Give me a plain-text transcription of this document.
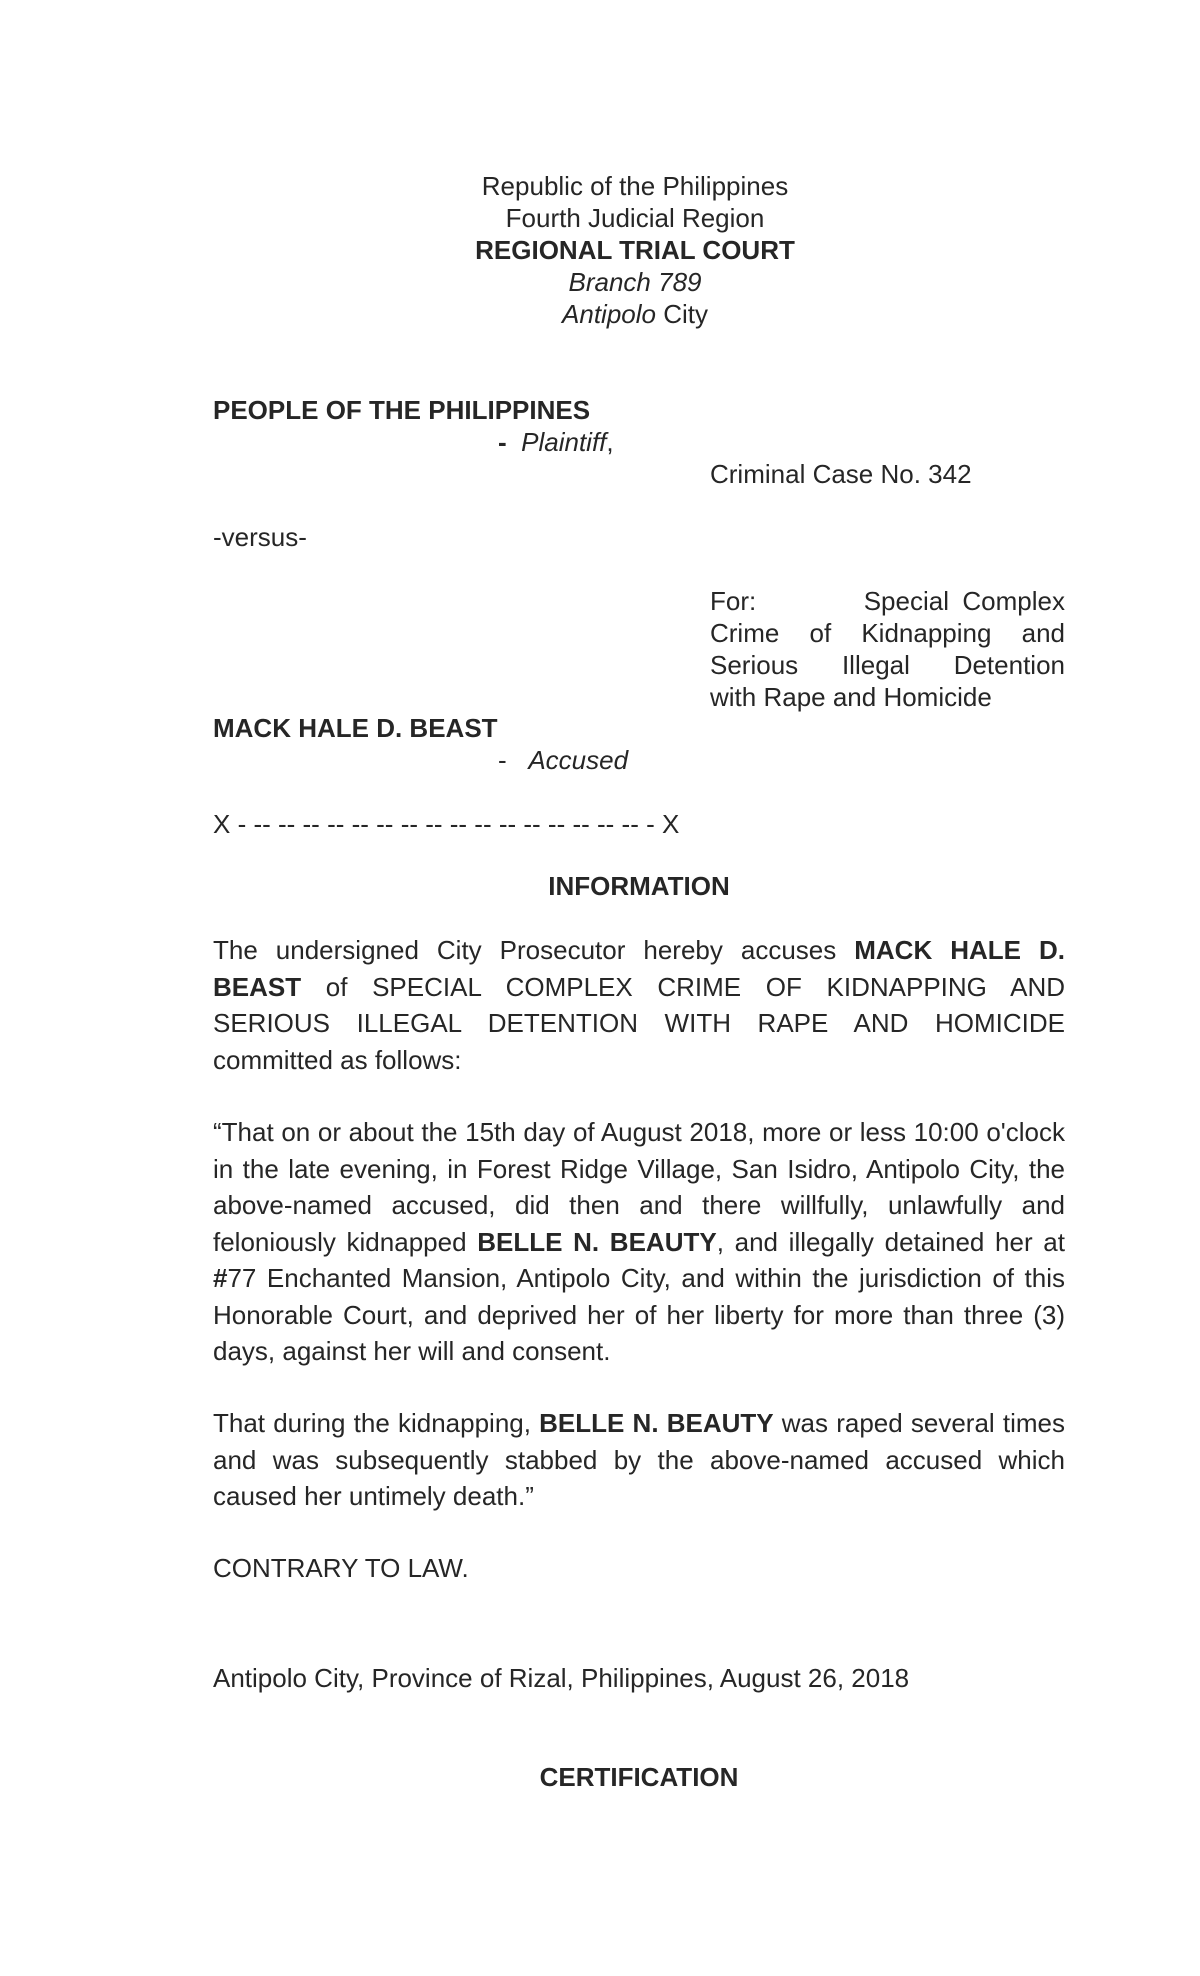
Republic of the Philippines
Fourth Judicial Region
REGIONAL TRIAL COURT
Branch 789
Antipolo City
PEOPLE OF THE PHILIPPINES
- Plaintiff,
Criminal Case No. 342
-versus-
For:        Special Complex
Crime of Kidnapping and
Serious Illegal Detention
with Rape and Homicide
MACK HALE D. BEAST
- Accused
X - -- -- -- -- -- -- -- -- -- -- -- -- -- -- -- -- - X
INFORMATION
The undersigned City Prosecutor hereby accuses MACK HALE D. BEAST of SPECIAL COMPLEX CRIME OF KIDNAPPING AND SERIOUS ILLEGAL DETENTION WITH RAPE AND HOMICIDE committed as follows:
“That on or about the 15th day of August 2018, more or less 10:00 o'clock in the late evening, in Forest Ridge Village, San Isidro, Antipolo City, the above-named accused, did then and there willfully, unlawfully and feloniously kidnapped BELLE N. BEAUTY, and illegally detained her at #77 Enchanted Mansion, Antipolo City, and within the jurisdiction of this Honorable Court, and deprived her of her liberty for more than three (3) days, against her will and consent.
That during the kidnapping, BELLE N. BEAUTY was raped several times and was subsequently stabbed by the above-named accused which caused her untimely death.”
CONTRARY TO LAW.
Antipolo City, Province of Rizal, Philippines, August 26, 2018
CERTIFICATION
